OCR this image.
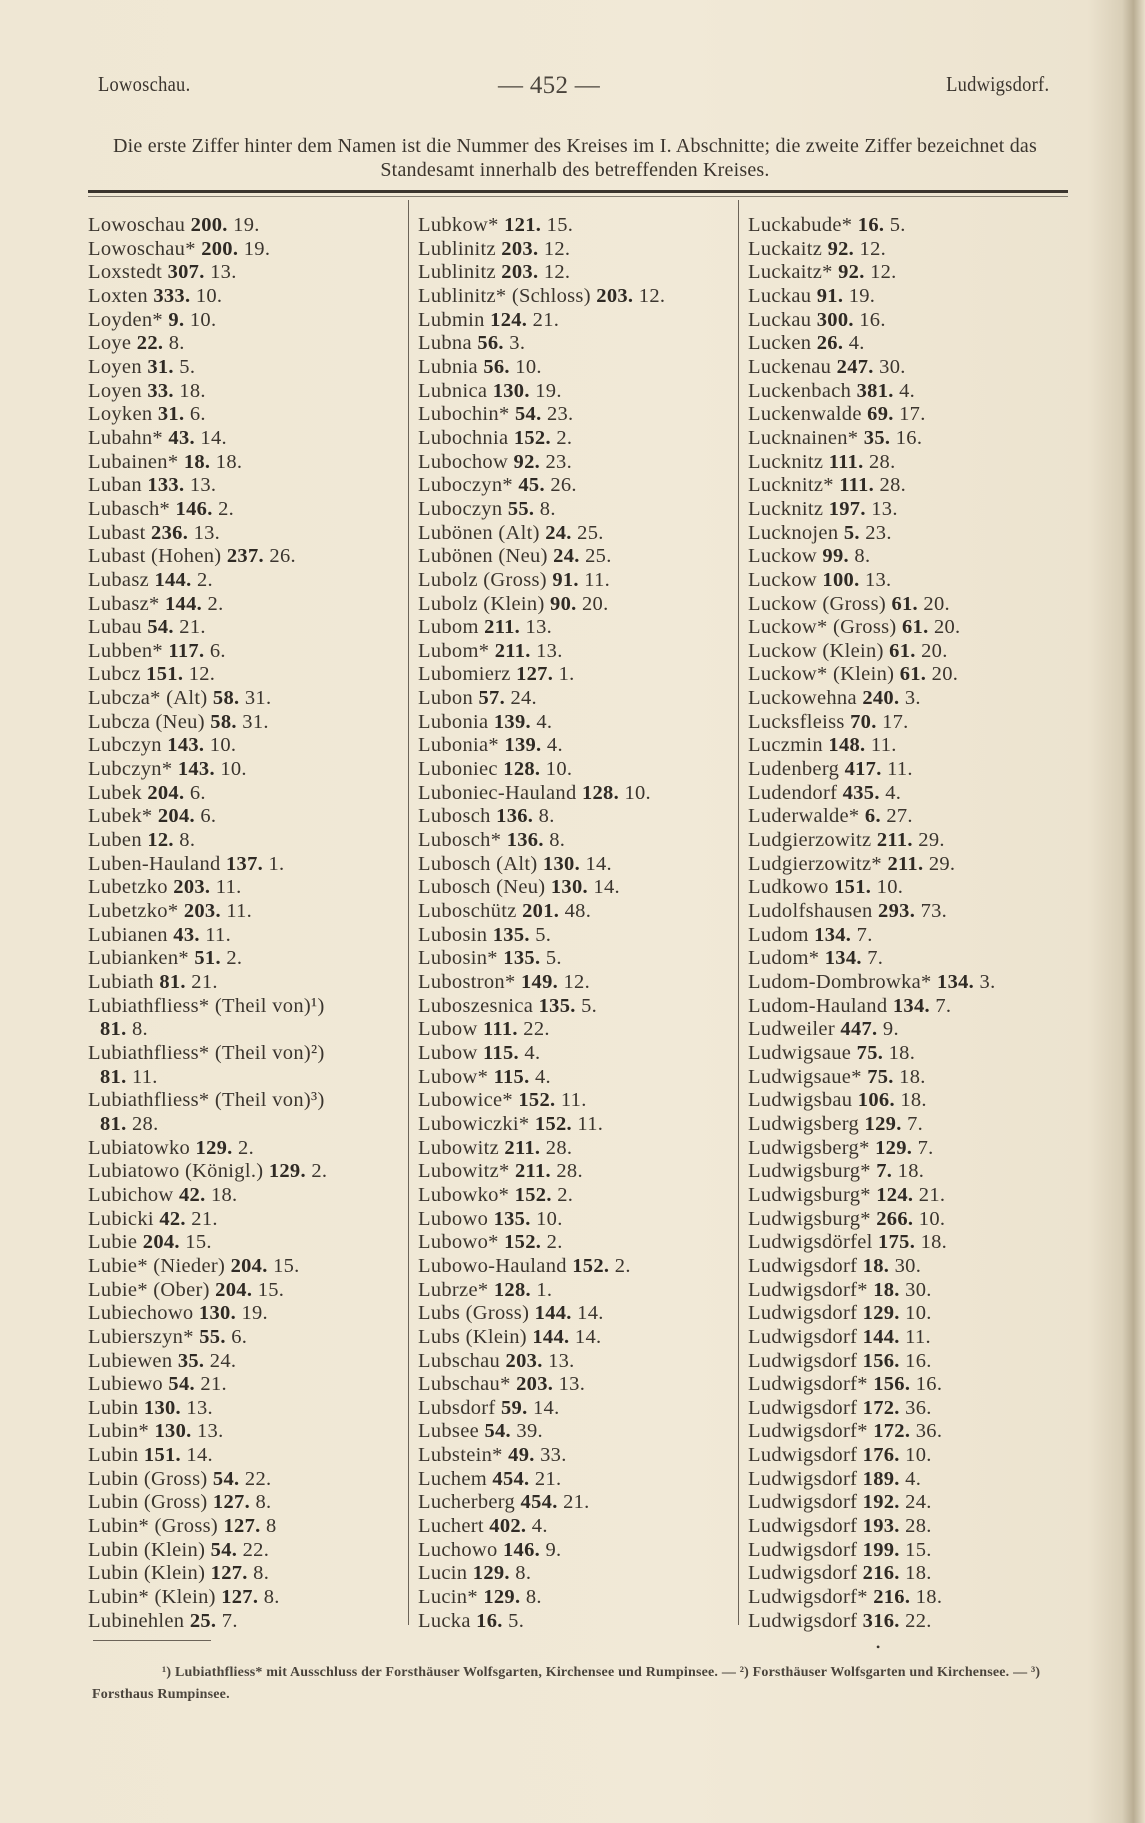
Lowoschau.	— 452 —	Ludwigsdorf.
Die erste Ziffer hinter dem Namen ist die Nummer des Kreises im I. Abschnitte; die zweite Ziffer bezeichnet das Standesamt innerhalb des betreffenden Kreises.
Lowoschau 200. 19.
Lowoschau* 200. 19.
Loxstedt 307. 13.
Loxten 333. 10.
Loyden* 9. 10.
Loye 22. 8.
Loyen 31. 5.
Loyen 33. 18.
Loyken 31. 6.
Lubahn* 43. 14.
Lubainen* 18. 18.
Luban 133. 13.
Lubasch* 146. 2.
Lubast 236. 13.
Lubast (Hohen) 237. 26.
Lubasz 144. 2.
Lubasz* 144. 2.
Lubau 54. 21.
Lubben* 117. 6.
Lubcz 151. 12.
Lubcza* (Alt) 58. 31.
Lubcza (Neu) 58. 31.
Lubczyn 143. 10.
Lubczyn* 143. 10.
Lubek 204. 6.
Lubek* 204. 6.
Luben 12. 8.
Luben-Hauland 137. 1.
Lubetzko 203. 11.
Lubetzko* 203. 11.
Lubianen 43. 11.
Lubianken* 51. 2.
Lubiath 81. 21.
Lubiathfliess* (Theil von)¹)
81. 8.
Lubiathfliess* (Theil von)²)
81. 11.
Lubiathfliess* (Theil von)³)
81. 28.
Lubiatowko 129. 2.
Lubiatowo (Königl.) 129. 2.
Lubichow 42. 18.
Lubicki 42. 21.
Lubie 204. 15.
Lubie* (Nieder) 204. 15.
Lubie* (Ober) 204. 15.
Lubiechowo 130. 19.
Lubierszyn* 55. 6.
Lubiewen 35. 24.
Lubiewo 54. 21.
Lubin 130. 13.
Lubin* 130. 13.
Lubin 151. 14.
Lubin (Gross) 54. 22.
Lubin (Gross) 127. 8.
Lubin* (Gross) 127. 8
Lubin (Klein) 54. 22.
Lubin (Klein) 127. 8.
Lubin* (Klein) 127. 8.
Lubinehlen 25. 7.
Lubkow* 121. 15.
Lublinitz 203. 12.
Lublinitz 203. 12.
Lublinitz* (Schloss) 203. 12.
Lubmin 124. 21.
Lubna 56. 3.
Lubnia 56. 10.
Lubnica 130. 19.
Lubochin* 54. 23.
Lubochnia 152. 2.
Lubochow 92. 23.
Luboczyn* 45. 26.
Luboczyn 55. 8.
Lubönen (Alt) 24. 25.
Lubönen (Neu) 24. 25.
Lubolz (Gross) 91. 11.
Lubolz (Klein) 90. 20.
Lubom 211. 13.
Lubom* 211. 13.
Lubomierz 127. 1.
Lubon 57. 24.
Lubonia 139. 4.
Lubonia* 139. 4.
Luboniec 128. 10.
Luboniec-Hauland 128. 10.
Lubosch 136. 8.
Lubosch* 136. 8.
Lubosch (Alt) 130. 14.
Lubosch (Neu) 130. 14.
Luboschütz 201. 48.
Lubosin 135. 5.
Lubosin* 135. 5.
Lubostron* 149. 12.
Luboszesnica 135. 5.
Lubow 111. 22.
Lubow 115. 4.
Lubow* 115. 4.
Lubowice* 152. 11.
Lubowiczki* 152. 11.
Lubowitz 211. 28.
Lubowitz* 211. 28.
Lubowko* 152. 2.
Lubowo 135. 10.
Lubowo* 152. 2.
Lubowo-Hauland 152. 2.
Lubrze* 128. 1.
Lubs (Gross) 144. 14.
Lubs (Klein) 144. 14.
Lubschau 203. 13.
Lubschau* 203. 13.
Lubsdorf 59. 14.
Lubsee 54. 39.
Lubstein* 49. 33.
Luchem 454. 21.
Lucherberg 454. 21.
Luchert 402. 4.
Luchowo 146. 9.
Lucin 129. 8.
Lucin* 129. 8.
Lucka 16. 5.
Luckabude* 16. 5.
Luckaitz 92. 12.
Luckaitz* 92. 12.
Luckau 91. 19.
Luckau 300. 16.
Lucken 26. 4.
Luckenau 247. 30.
Luckenbach 381. 4.
Luckenwalde 69. 17.
Lucknainen* 35. 16.
Lucknitz 111. 28.
Lucknitz* 111. 28.
Lucknitz 197. 13.
Lucknojen 5. 23.
Luckow 99. 8.
Luckow 100. 13.
Luckow (Gross) 61. 20.
Luckow* (Gross) 61. 20.
Luckow (Klein) 61. 20.
Luckow* (Klein) 61. 20.
Luckowehna 240. 3.
Lucksfleiss 70. 17.
Luczmin 148. 11.
Ludenberg 417. 11.
Ludendorf 435. 4.
Luderwalde* 6. 27.
Ludgierzowitz 211. 29.
Ludgierzowitz* 211. 29.
Ludkowo 151. 10.
Ludolfshausen 293. 73.
Ludom 134. 7.
Ludom* 134. 7.
Ludom-Dombrowka* 134. 3.
Ludom-Hauland 134. 7.
Ludweiler 447. 9.
Ludwigsaue 75. 18.
Ludwigsaue* 75. 18.
Ludwigsbau 106. 18.
Ludwigsberg 129. 7.
Ludwigsberg* 129. 7.
Ludwigsburg* 7. 18.
Ludwigsburg* 124. 21.
Ludwigsburg* 266. 10.
Ludwigsdörfel 175. 18.
Ludwigsdorf 18. 30.
Ludwigsdorf* 18. 30.
Ludwigsdorf 129. 10.
Ludwigsdorf 144. 11.
Ludwigsdorf 156. 16.
Ludwigsdorf* 156. 16.
Ludwigsdorf 172. 36.
Ludwigsdorf* 172. 36.
Ludwigsdorf 176. 10.
Ludwigsdorf 189. 4.
Ludwigsdorf 192. 24.
Ludwigsdorf 193. 28.
Ludwigsdorf 199. 15.
Ludwigsdorf 216. 18.
Ludwigsdorf* 216. 18.
Ludwigsdorf 316. 22.
•
¹) Lubiathfliess* mit Ausschluss der Forsthäuser Wolfsgarten, Kirchensee und Rumpinsee. — ²) Forsthäuser Wolfsgarten und Kirchensee. — ³) Forsthaus Rumpinsee.
